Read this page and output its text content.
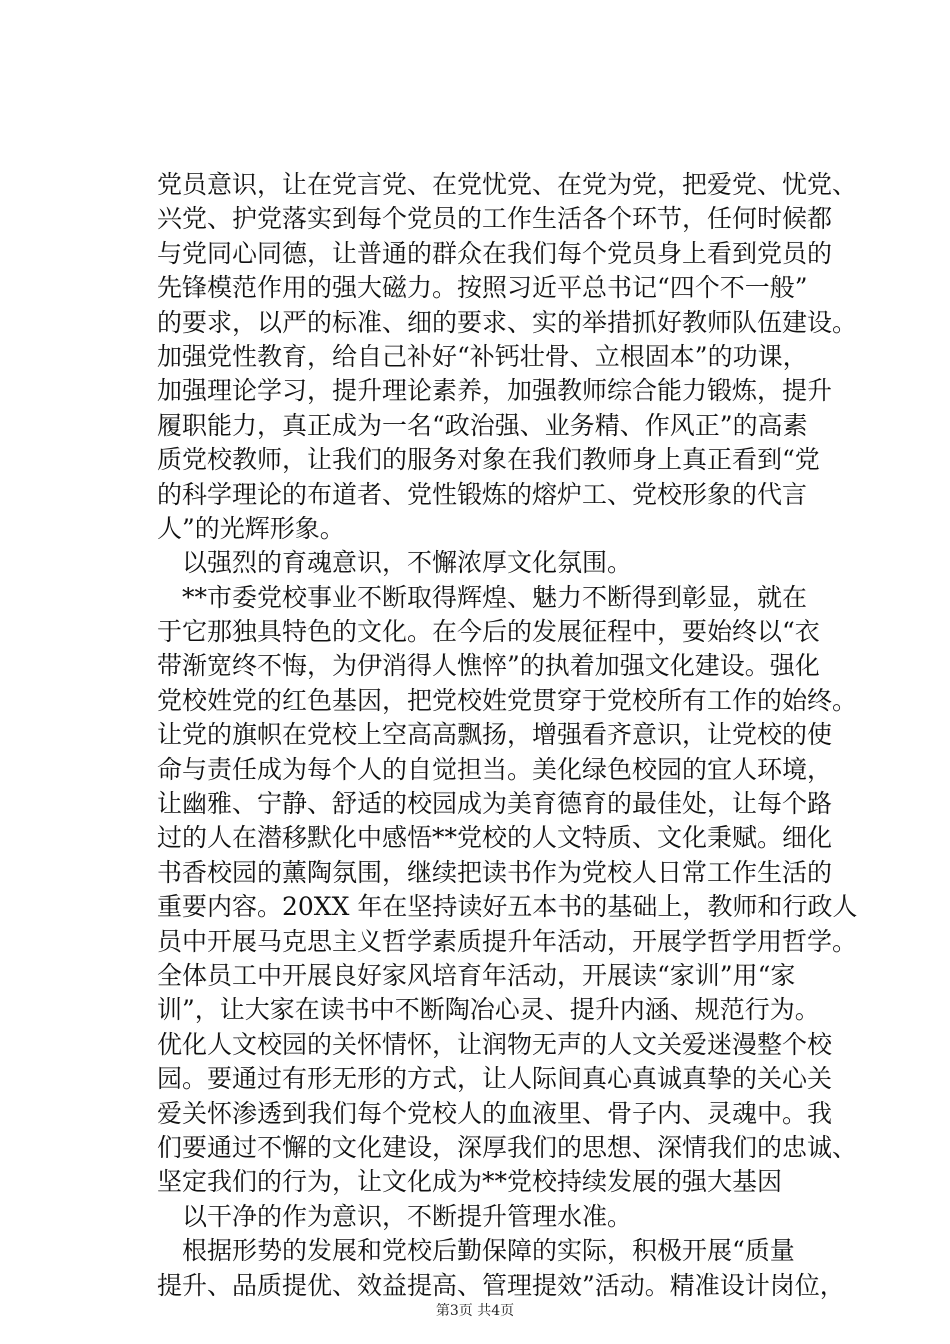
党员意识，让在党言党、在党忧党、在党为党，把爱党、忧党、
兴党、护党落实到每个党员的工作生活各个环节，任何时候都
与党同心同德，让普通的群众在我们每个党员身上看到党员的
先锋模范作用的强大磁力。按照习近平总书记“四个不一般”
的要求，以严的标准、细的要求、实的举措抓好教师队伍建设。
加强党性教育，给自己补好“补钙壮骨、立根固本”的功课，
加强理论学习，提升理论素养，加强教师综合能力锻炼，提升
履职能力，真正成为一名“政治强、业务精、作风正”的高素
质党校教师，让我们的服务对象在我们教师身上真正看到“党
的科学理论的布道者、党性锻炼的熔炉工、党校形象的代言
人”的光辉形象。
以强烈的育魂意识，不懈浓厚文化氛围。
**市委党校事业不断取得辉煌、魅力不断得到彰显，就在
于它那独具特色的文化。在今后的发展征程中，要始终以“衣
带渐宽终不悔，为伊消得人憔悴”的执着加强文化建设。强化
党校姓党的红色基因，把党校姓党贯穿于党校所有工作的始终。
让党的旗帜在党校上空高高飘扬，增强看齐意识，让党校的使
命与责任成为每个人的自觉担当。美化绿色校园的宜人环境，
让幽雅、宁静、舒适的校园成为美育德育的最佳处，让每个路
过的人在潜移默化中感悟**党校的人文特质、文化秉赋。细化
书香校园的薰陶氛围，继续把读书作为党校人日常工作生活的
重要内容。20XX 年在坚持读好五本书的基础上，教师和行政人
员中开展马克思主义哲学素质提升年活动，开展学哲学用哲学。
全体员工中开展良好家风培育年活动，开展读“家训”用“家
训”，让大家在读书中不断陶冶心灵、提升内涵、规范行为。
优化人文校园的关怀情怀，让润物无声的人文关爱迷漫整个校
园。要通过有形无形的方式，让人际间真心真诚真挚的关心关
爱关怀渗透到我们每个党校人的血液里、骨子内、灵魂中。我
们要通过不懈的文化建设，深厚我们的思想、深情我们的忠诚、
坚定我们的行为，让文化成为**党校持续发展的强大基因
以干净的作为意识，不断提升管理水准。
根据形势的发展和党校后勤保障的实际，积极开展“质量
提升、品质提优、效益提高、管理提效”活动。精准设计岗位，
第3页 共4页
